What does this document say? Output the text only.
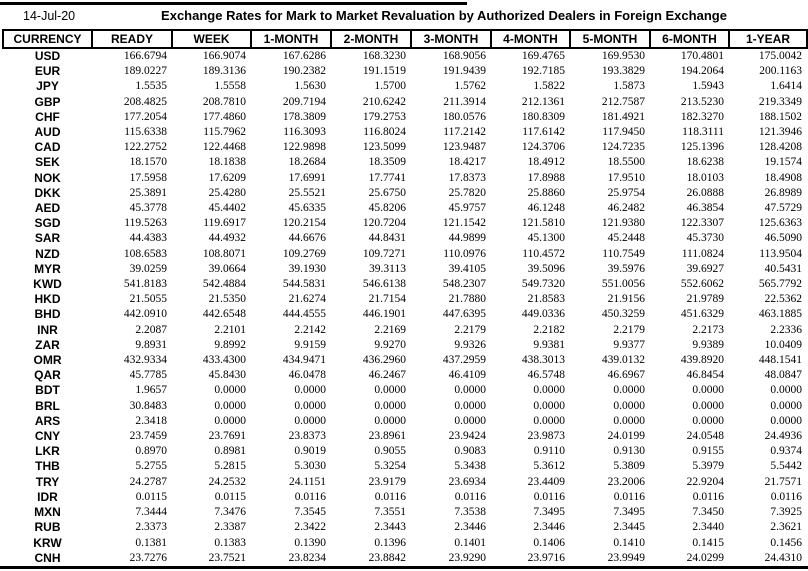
14-Jul-20	Exchange Rates for Mark to Market Revaluation by Authorized Dealers in Foreign Exchange
CURRENCY	READY	WEEK	1-MONTH	2-MONTH	3-MONTH	4-MONTH	5-MONTH	6-MONTH	1-YEAR
USD	166.6794	166.9074	167.6286	168.3230	168.9056	169.4765	169.9530	170.4801	175.0042
EUR	189.0227	189.3136	190.2382	191.1519	191.9439	192.7185	193.3829	194.2064	200.1163
JPY	1.5535	1.5558	1.5630	1.5700	1.5762	1.5822	1.5873	1.5943	1.6414
GBP	208.4825	208.7810	209.7194	210.6242	211.3914	212.1361	212.7587	213.5230	219.3349
CHF	177.2054	177.4860	178.3809	179.2753	180.0576	180.8309	181.4921	182.3270	188.1502
AUD	115.6338	115.7962	116.3093	116.8024	117.2142	117.6142	117.9450	118.3111	121.3946
CAD	122.2752	122.4468	122.9898	123.5099	123.9487	124.3706	124.7235	125.1396	128.4208
SEK	18.1570	18.1838	18.2684	18.3509	18.4217	18.4912	18.5500	18.6238	19.1574
NOK	17.5958	17.6209	17.6991	17.7741	17.8373	17.8988	17.9510	18.0103	18.4908
DKK	25.3891	25.4280	25.5521	25.6750	25.7820	25.8860	25.9754	26.0888	26.8989
AED	45.3778	45.4402	45.6335	45.8206	45.9757	46.1248	46.2482	46.3854	47.5729
SGD	119.5263	119.6917	120.2154	120.7204	121.1542	121.5810	121.9380	122.3307	125.6363
SAR	44.4383	44.4932	44.6676	44.8431	44.9899	45.1300	45.2448	45.3730	46.5090
NZD	108.6583	108.8071	109.2769	109.7271	110.0976	110.4572	110.7549	111.0824	113.9504
MYR	39.0259	39.0664	39.1930	39.3113	39.4105	39.5096	39.5976	39.6927	40.5431
KWD	541.8183	542.4884	544.5831	546.6138	548.2307	549.7320	551.0056	552.6062	565.7792
HKD	21.5055	21.5350	21.6274	21.7154	21.7880	21.8583	21.9156	21.9789	22.5362
BHD	442.0910	442.6548	444.4555	446.1901	447.6395	449.0336	450.3259	451.6329	463.1885
INR	2.2087	2.2101	2.2142	2.2169	2.2179	2.2182	2.2179	2.2173	2.2336
ZAR	9.8931	9.8992	9.9159	9.9270	9.9326	9.9381	9.9377	9.9389	10.0409
OMR	432.9334	433.4300	434.9471	436.2960	437.2959	438.3013	439.0132	439.8920	448.1541
QAR	45.7785	45.8430	46.0478	46.2467	46.4109	46.5748	46.6967	46.8454	48.0847
BDT	1.9657	0.0000	0.0000	0.0000	0.0000	0.0000	0.0000	0.0000	0.0000
BRL	30.8483	0.0000	0.0000	0.0000	0.0000	0.0000	0.0000	0.0000	0.0000
ARS	2.3418	0.0000	0.0000	0.0000	0.0000	0.0000	0.0000	0.0000	0.0000
CNY	23.7459	23.7691	23.8373	23.8961	23.9424	23.9873	24.0199	24.0548	24.4936
LKR	0.8970	0.8981	0.9019	0.9055	0.9083	0.9110	0.9130	0.9155	0.9374
THB	5.2755	5.2815	5.3030	5.3254	5.3438	5.3612	5.3809	5.3979	5.5442
TRY	24.2787	24.2532	24.1151	23.9179	23.6934	23.4409	23.2006	22.9204	21.7571
IDR	0.0115	0.0115	0.0116	0.0116	0.0116	0.0116	0.0116	0.0116	0.0116
MXN	7.3444	7.3476	7.3545	7.3551	7.3538	7.3495	7.3495	7.3450	7.3925
RUB	2.3373	2.3387	2.3422	2.3443	2.3446	2.3446	2.3445	2.3440	2.3621
KRW	0.1381	0.1383	0.1390	0.1396	0.1401	0.1406	0.1410	0.1415	0.1456
CNH	23.7276	23.7521	23.8234	23.8842	23.9290	23.9716	23.9949	24.0299	24.4310
